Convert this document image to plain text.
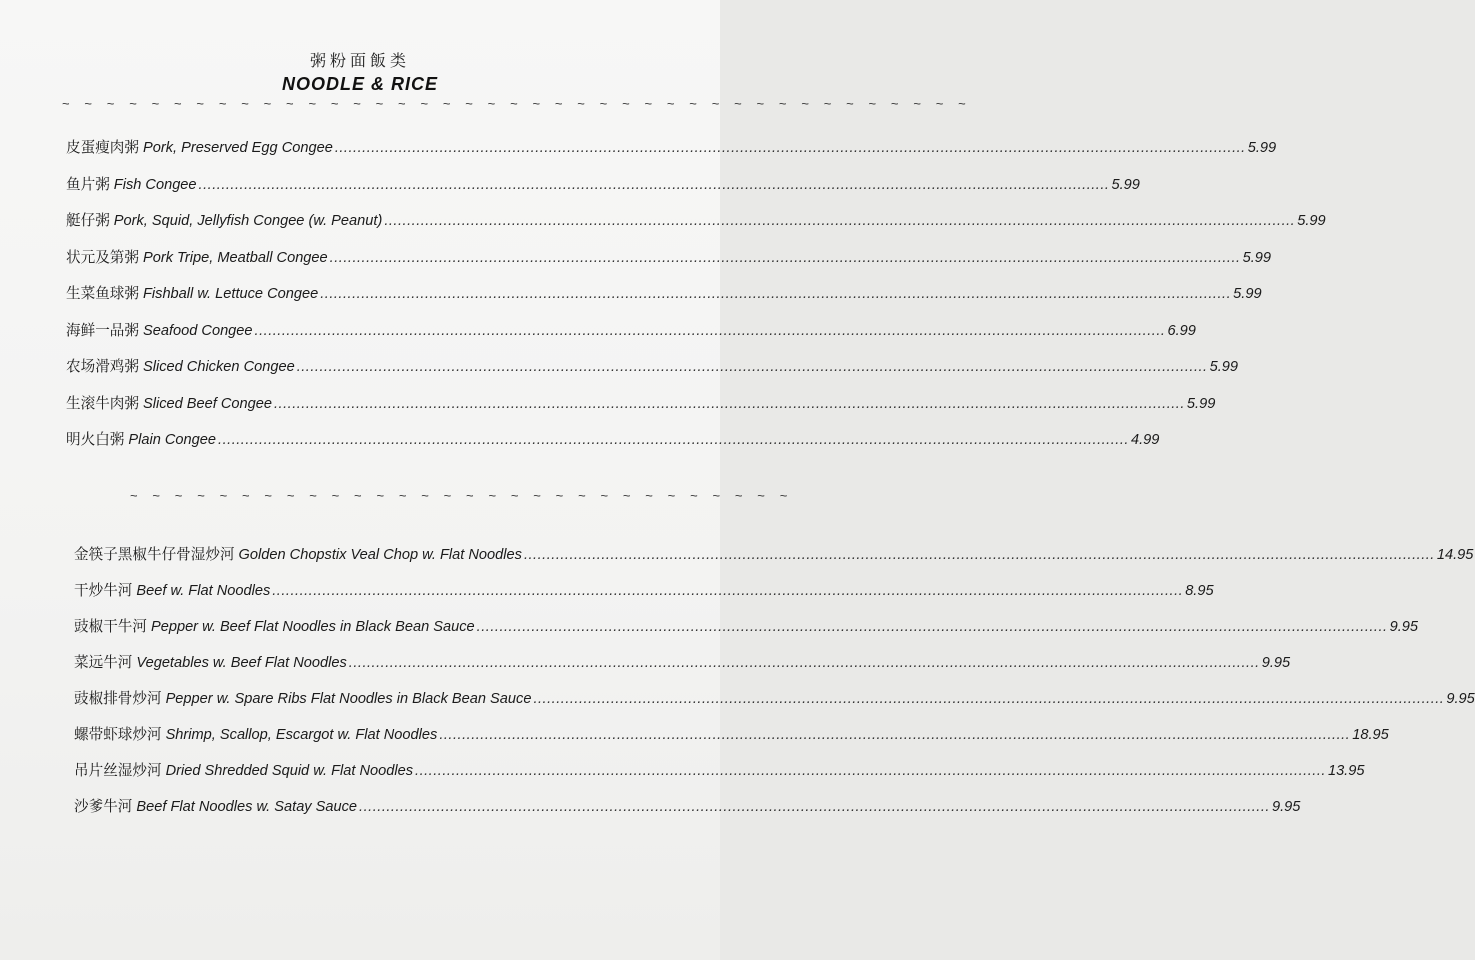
粥粉面飯类
NOODLE & RICE
~ ~ ~ ~ ~ ~ ~ ~ ~ ~ ~ ~ ~ ~ ~ ~ ~ ~ ~ ~ ~ ~ ~ ~ ~ ~ ~ ~ ~ ~ ~ ~ ~ ~ ~ ~ ~ ~ ~ ~ ~
皮蛋瘦肉粥 Pork, Preserved Egg Congee ........................................................................................................................................................................................................ 5.99
鱼片粥 Fish Congee ........................................................................................................................................................................................................ 5.99
艇仔粥 Pork, Squid, Jellyfish Congee (w. Peanut) ........................................................................................................................................................................................................ 5.99
状元及第粥 Pork Tripe, Meatball Congee ........................................................................................................................................................................................................ 5.99
生菜鱼球粥 Fishball w. Lettuce Congee ........................................................................................................................................................................................................ 5.99
海鲜一品粥 Seafood Congee ........................................................................................................................................................................................................ 6.99
农场滑鸡粥 Sliced Chicken Congee ........................................................................................................................................................................................................ 5.99
生滚牛肉粥 Sliced Beef Congee ........................................................................................................................................................................................................ 5.99
明火白粥 Plain Congee ........................................................................................................................................................................................................ 4.99
~ ~ ~ ~ ~ ~ ~ ~ ~ ~ ~ ~ ~ ~ ~ ~ ~ ~ ~ ~ ~ ~ ~ ~ ~ ~ ~ ~ ~ ~
金筷子黑椒牛仔骨湿炒河 Golden Chopstix Veal Chop w. Flat Noodles ........................................................................................................................................................................................................ 14.95
干炒牛河 Beef w. Flat Noodles ........................................................................................................................................................................................................ 8.95
豉椒干牛河 Pepper w. Beef Flat Noodles in Black Bean Sauce ........................................................................................................................................................................................................ 9.95
菜远牛河 Vegetables w. Beef Flat Noodles ........................................................................................................................................................................................................ 9.95
豉椒排骨炒河 Pepper w. Spare Ribs Flat Noodles in Black Bean Sauce ........................................................................................................................................................................................................ 9.95
螺带虾球炒河 Shrimp, Scallop, Escargot w. Flat Noodles ........................................................................................................................................................................................................ 18.95
吊片丝湿炒河 Dried Shredded Squid w. Flat Noodles ........................................................................................................................................................................................................ 13.95
沙爹牛河 Beef Flat Noodles w. Satay Sauce ........................................................................................................................................................................................................ 9.95
